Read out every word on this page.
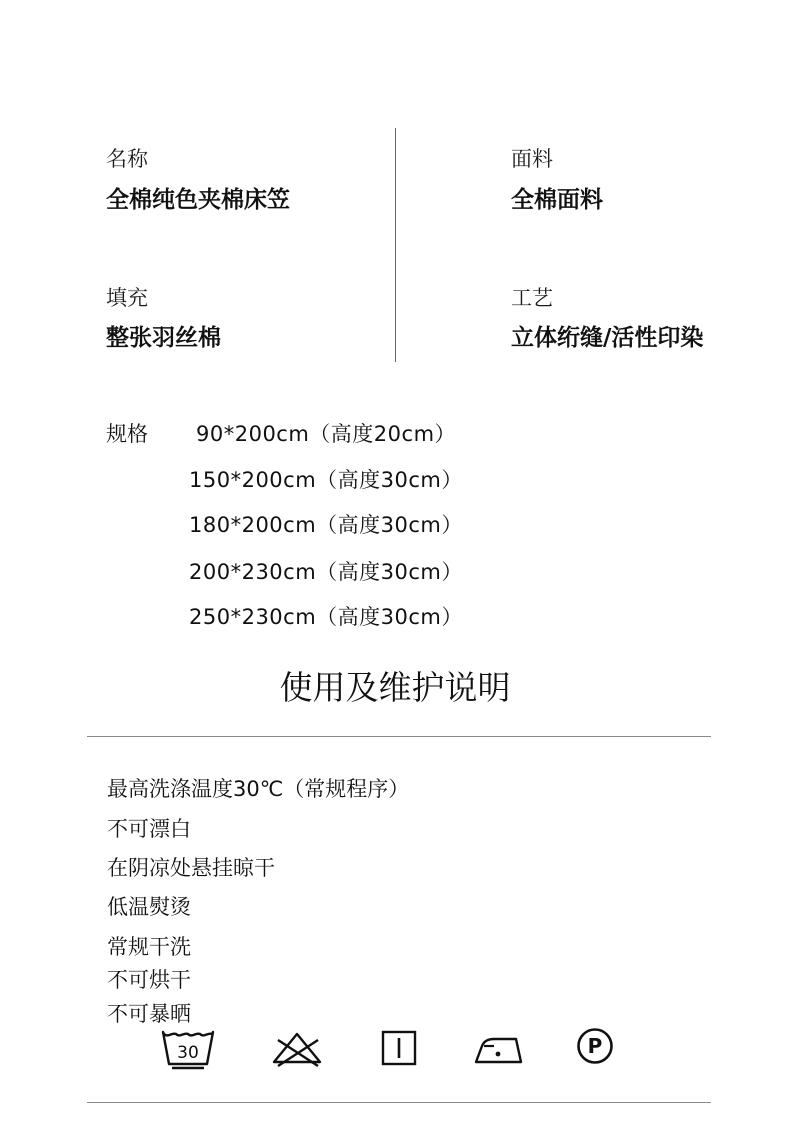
名称
全棉纯色夹棉床笠
面料
全棉面料
填充
整张羽丝棉
工艺
立体绗缝/活性印染
规格 90*200cm（高度20cm）
150*200cm（高度30cm）
180*200cm（高度30cm）
200*230cm（高度30cm）
250*230cm（高度30cm）
使用及维护说明
最高洗涤温度30℃（常规程序）
不可漂白
在阴凉处悬挂晾干
低温熨烫
常规干洗
不可烘干
不可暴晒
30	P
